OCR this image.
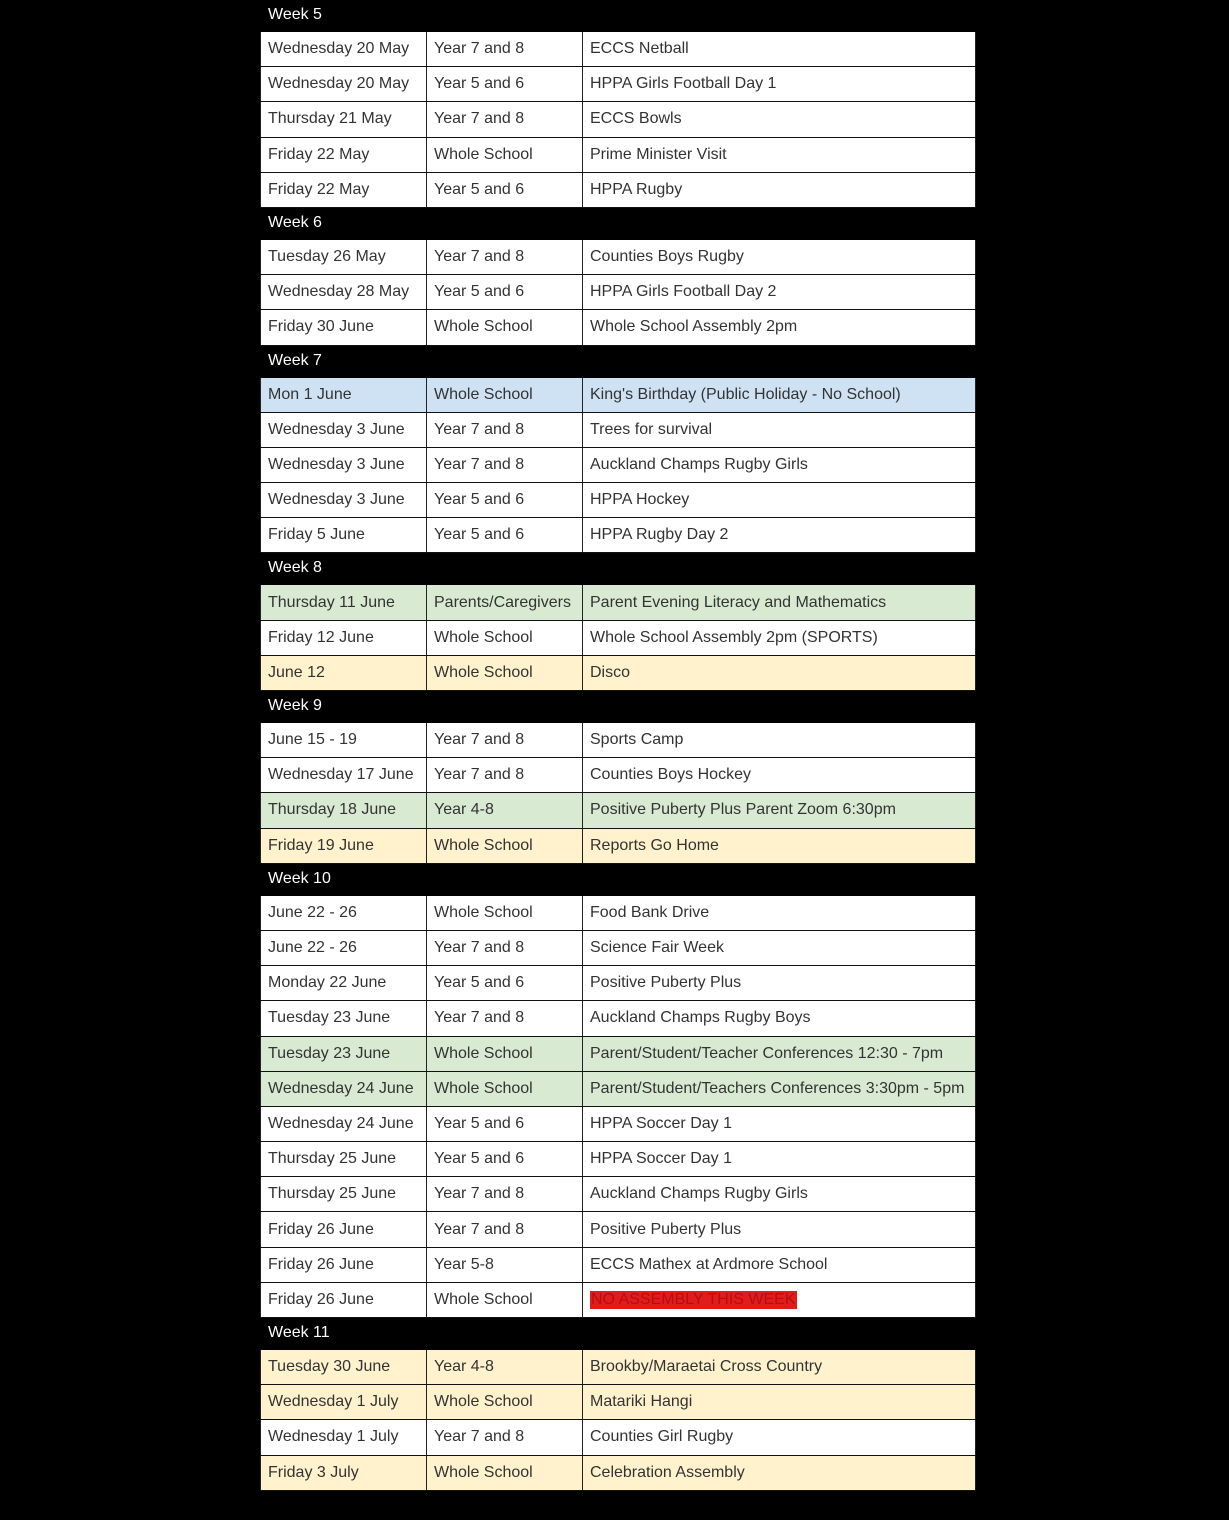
Week 5
Wednesday 20 May	Year 7 and 8	ECCS Netball
Wednesday 20 May	Year 5 and 6	HPPA Girls Football Day 1
Thursday 21 May	Year 7 and 8	ECCS Bowls
Friday 22 May	Whole School	Prime Minister Visit
Friday 22 May	Year 5 and 6	HPPA Rugby
Week 6
Tuesday 26 May	Year 7 and 8	Counties Boys Rugby
Wednesday 28 May	Year 5 and 6	HPPA Girls Football Day 2
Friday 30 June	Whole School	Whole School Assembly 2pm
Week 7
Mon 1 June	Whole School	King's Birthday (Public Holiday - No School)
Wednesday 3 June	Year 7 and 8	Trees for survival
Wednesday 3 June	Year 7 and 8	Auckland Champs Rugby Girls
Wednesday 3 June	Year 5 and 6	HPPA Hockey
Friday 5 June	Year 5 and 6	HPPA Rugby Day 2
Week 8
Thursday 11 June	Parents/Caregivers	Parent Evening Literacy and Mathematics
Friday 12 June	Whole School	Whole School Assembly 2pm (SPORTS)
June 12	Whole School	Disco
Week 9
June 15 - 19	Year 7 and 8	Sports Camp
Wednesday 17 June	Year 7 and 8	Counties Boys Hockey
Thursday 18 June	Year 4-8	Positive Puberty Plus Parent Zoom 6:30pm
Friday 19 June	Whole School	Reports Go Home
Week 10
June 22 - 26	Whole School	Food Bank Drive
June 22 - 26	Year 7 and 8	Science Fair Week
Monday 22 June	Year 5 and 6	Positive Puberty Plus
Tuesday 23 June	Year 7 and 8	Auckland Champs Rugby Boys
Tuesday 23 June	Whole School	Parent/Student/Teacher Conferences 12:30 - 7pm
Wednesday 24 June	Whole School	Parent/Student/Teachers Conferences 3:30pm - 5pm
Wednesday 24 June	Year 5 and 6	HPPA Soccer Day 1
Thursday 25 June	Year 5 and 6	HPPA Soccer Day 1
Thursday 25 June	Year 7 and 8	Auckland Champs Rugby Girls
Friday 26 June	Year 7 and 8	Positive Puberty Plus
Friday 26 June	Year 5-8	ECCS Mathex at Ardmore School
Friday 26 June	Whole School	NO ASSEMBLY THIS WEEK
Week 11
Tuesday 30 June	Year 4-8	Brookby/Maraetai Cross Country
Wednesday 1 July	Whole School	Matariki Hangi
Wednesday 1 July	Year 7 and 8	Counties Girl Rugby
Friday 3 July	Whole School	Celebration Assembly
